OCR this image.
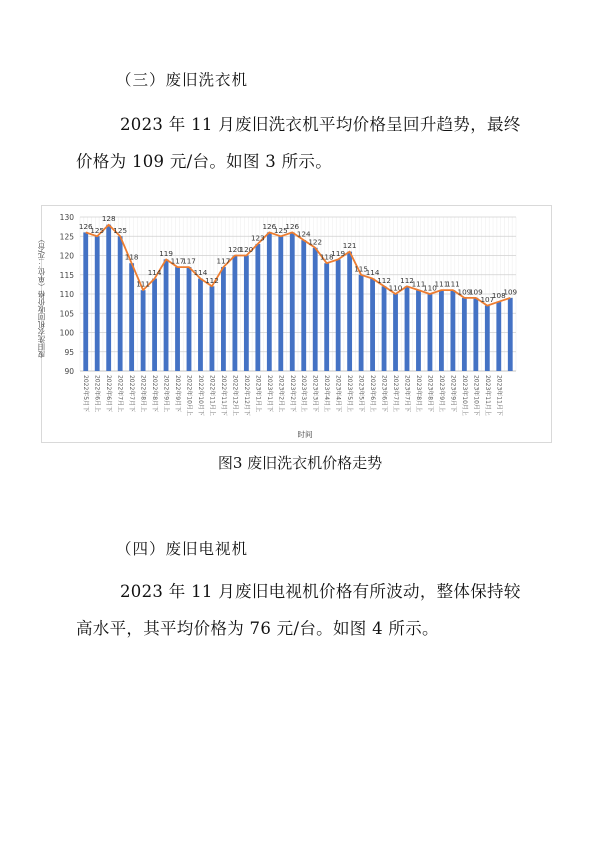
（三）废旧洗衣机
2023 年 11 月废旧洗衣机平均价格呈回升趋势，最终价格为 109 元/台。如图 3 所示。
90
95
100
105
110
115
120
125
130
126
125
128
125
118
111
114
119
117
117
114
112
117
120
120
123
126
125
126
124
122
118
119
121
115
114
112
110
112
111
110
111
111
109
109
107
108
109
2022年5月下 2022年6月上 2022年6月下 2022年7月上 2022年7月下 2022年8月上 2022年8月下 2022年9月上 2022年9月下 2022年10月上 2022年10月下 2022年11月上 2022年11月下 2022年12月上 2022年12月下 2023年1月上 2023年1月下 2023年2月上 2023年2月下 2023年3月上 2023年3月下 2023年4月上 2023年4月下 2023年5月上 2023年5月下 2023年6月上 2023年6月下 2023年7月上 2023年7月下 2023年8月上 2023年8月下 2023年9月上 2023年9月下 2023年10月上 2023年10月下 2023年11月上 2023年11月下
废旧洗衣机回收价格（单位：元/台）
时间
图3 废旧洗衣机价格走势
（四）废旧电视机
2023 年 11 月废旧电视机价格有所波动，整体保持较高水平，其平均价格为 76 元/台。如图 4 所示。
